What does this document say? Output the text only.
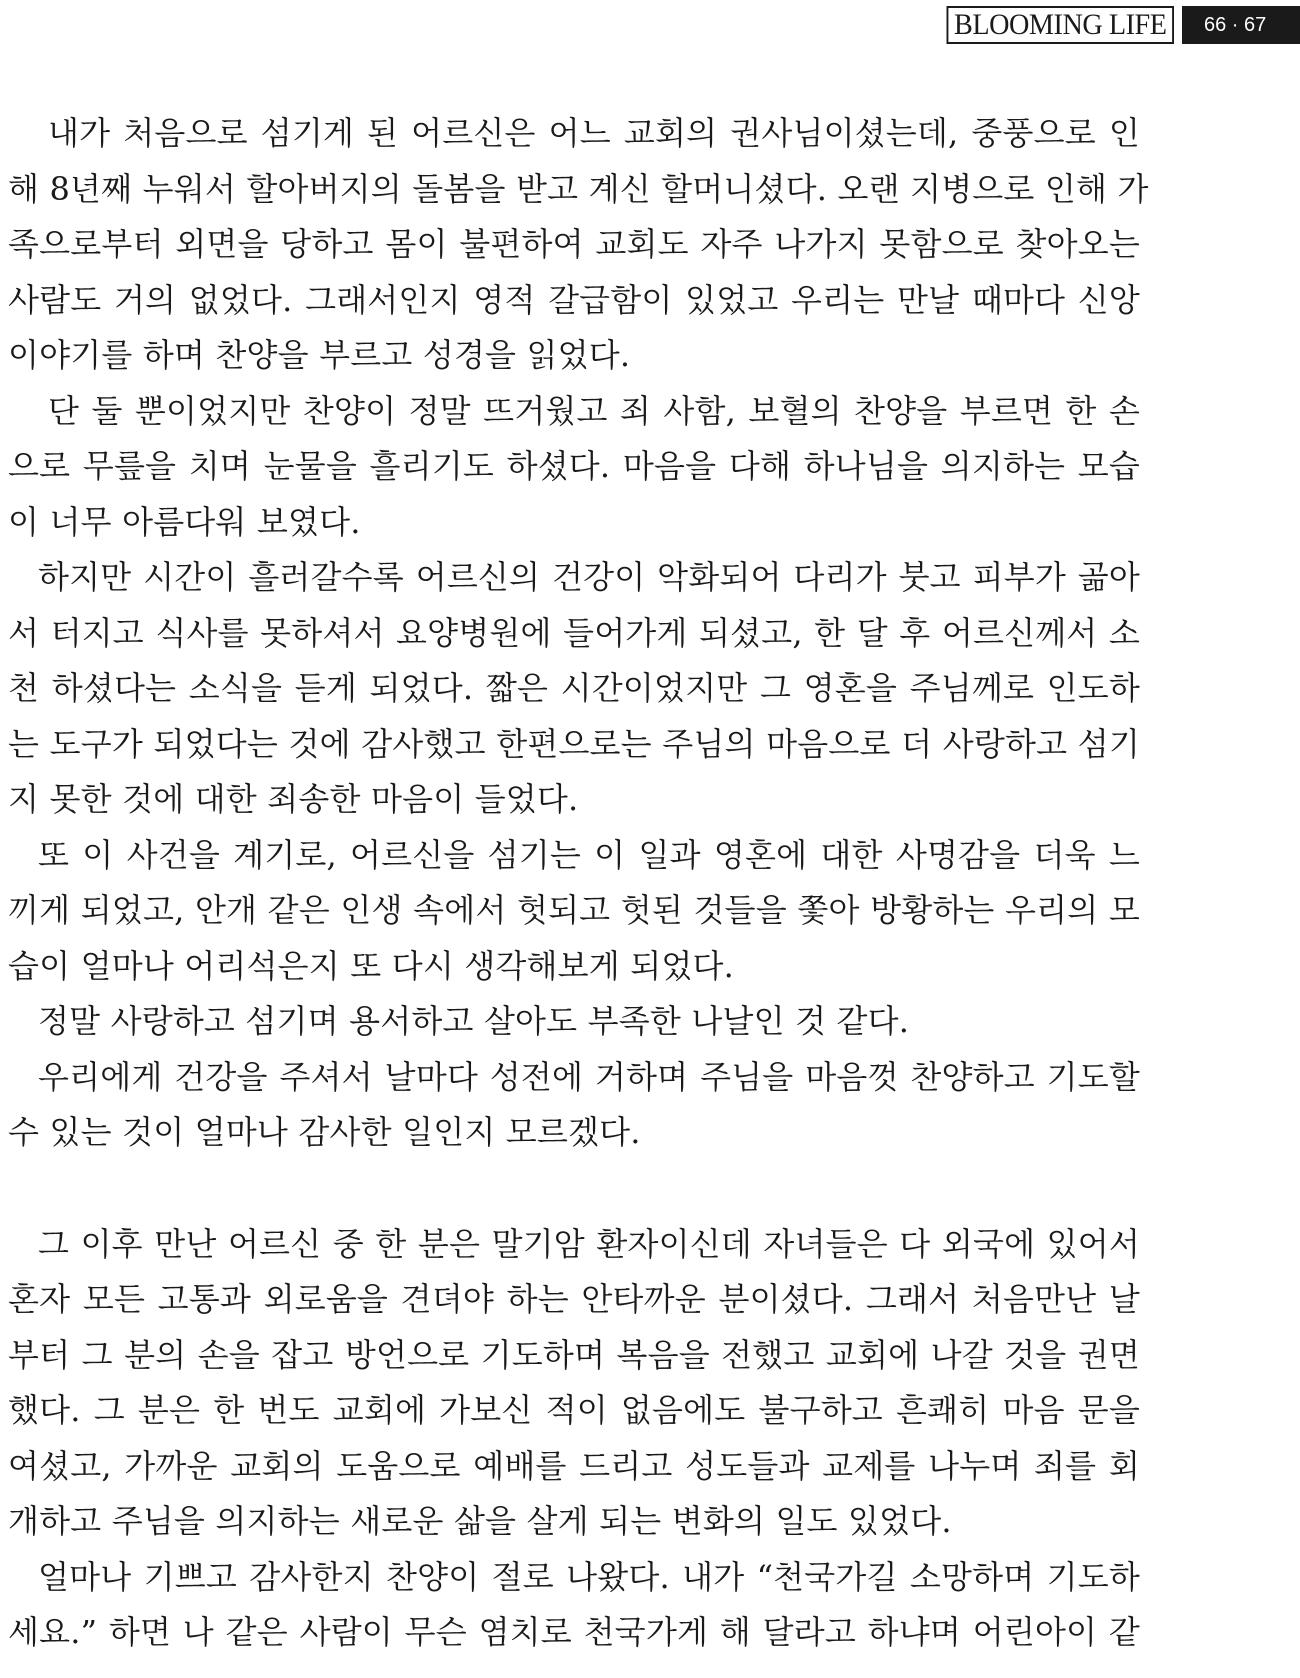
BLOOMING LIFE	66 · 67
내가 처음으로 섬기게 된 어르신은 어느 교회의 권사님이셨는데, 중풍으로 인
해 8년째 누워서 할아버지의 돌봄을 받고 계신 할머니셨다. 오랜 지병으로 인해 가
족으로부터 외면을 당하고 몸이 불편하여 교회도 자주 나가지 못함으로 찾아오는
사람도 거의 없었다. 그래서인지 영적 갈급함이 있었고 우리는 만날 때마다 신앙
이야기를 하며 찬양을 부르고 성경을 읽었다.
단 둘 뿐이었지만 찬양이 정말 뜨거웠고 죄 사함, 보혈의 찬양을 부르면 한 손
으로 무릎을 치며 눈물을 흘리기도 하셨다. 마음을 다해 하나님을 의지하는 모습
이 너무 아름다워 보였다.
하지만 시간이 흘러갈수록 어르신의 건강이 악화되어 다리가 붓고 피부가 곪아
서 터지고 식사를 못하셔서 요양병원에 들어가게 되셨고, 한 달 후 어르신께서 소
천 하셨다는 소식을 듣게 되었다. 짧은 시간이었지만 그 영혼을 주님께로 인도하
는 도구가 되었다는 것에 감사했고 한편으로는 주님의 마음으로 더 사랑하고 섬기
지 못한 것에 대한 죄송한 마음이 들었다.
또 이 사건을 계기로, 어르신을 섬기는 이 일과 영혼에 대한 사명감을 더욱 느
끼게 되었고, 안개 같은 인생 속에서 헛되고 헛된 것들을 쫓아 방황하는 우리의 모
습이 얼마나 어리석은지 또 다시 생각해보게 되었다.
정말 사랑하고 섬기며 용서하고 살아도 부족한 나날인 것 같다.
우리에게 건강을 주셔서 날마다 성전에 거하며 주님을 마음껏 찬양하고 기도할
수 있는 것이 얼마나 감사한 일인지 모르겠다.
그 이후 만난 어르신 중 한 분은 말기암 환자이신데 자녀들은 다 외국에 있어서
혼자 모든 고통과 외로움을 견뎌야 하는 안타까운 분이셨다. 그래서 처음만난 날
부터 그 분의 손을 잡고 방언으로 기도하며 복음을 전했고 교회에 나갈 것을 권면
했다. 그 분은 한 번도 교회에 가보신 적이 없음에도 불구하고 흔쾌히 마음 문을
여셨고, 가까운 교회의 도움으로 예배를 드리고 성도들과 교제를 나누며 죄를 회
개하고 주님을 의지하는 새로운 삶을 살게 되는 변화의 일도 있었다.
얼마나 기쁘고 감사한지 찬양이 절로 나왔다. 내가 “천국가길 소망하며 기도하
세요.” 하면 나 같은 사람이 무슨 염치로 천국가게 해 달라고 하냐며 어린아이 같
